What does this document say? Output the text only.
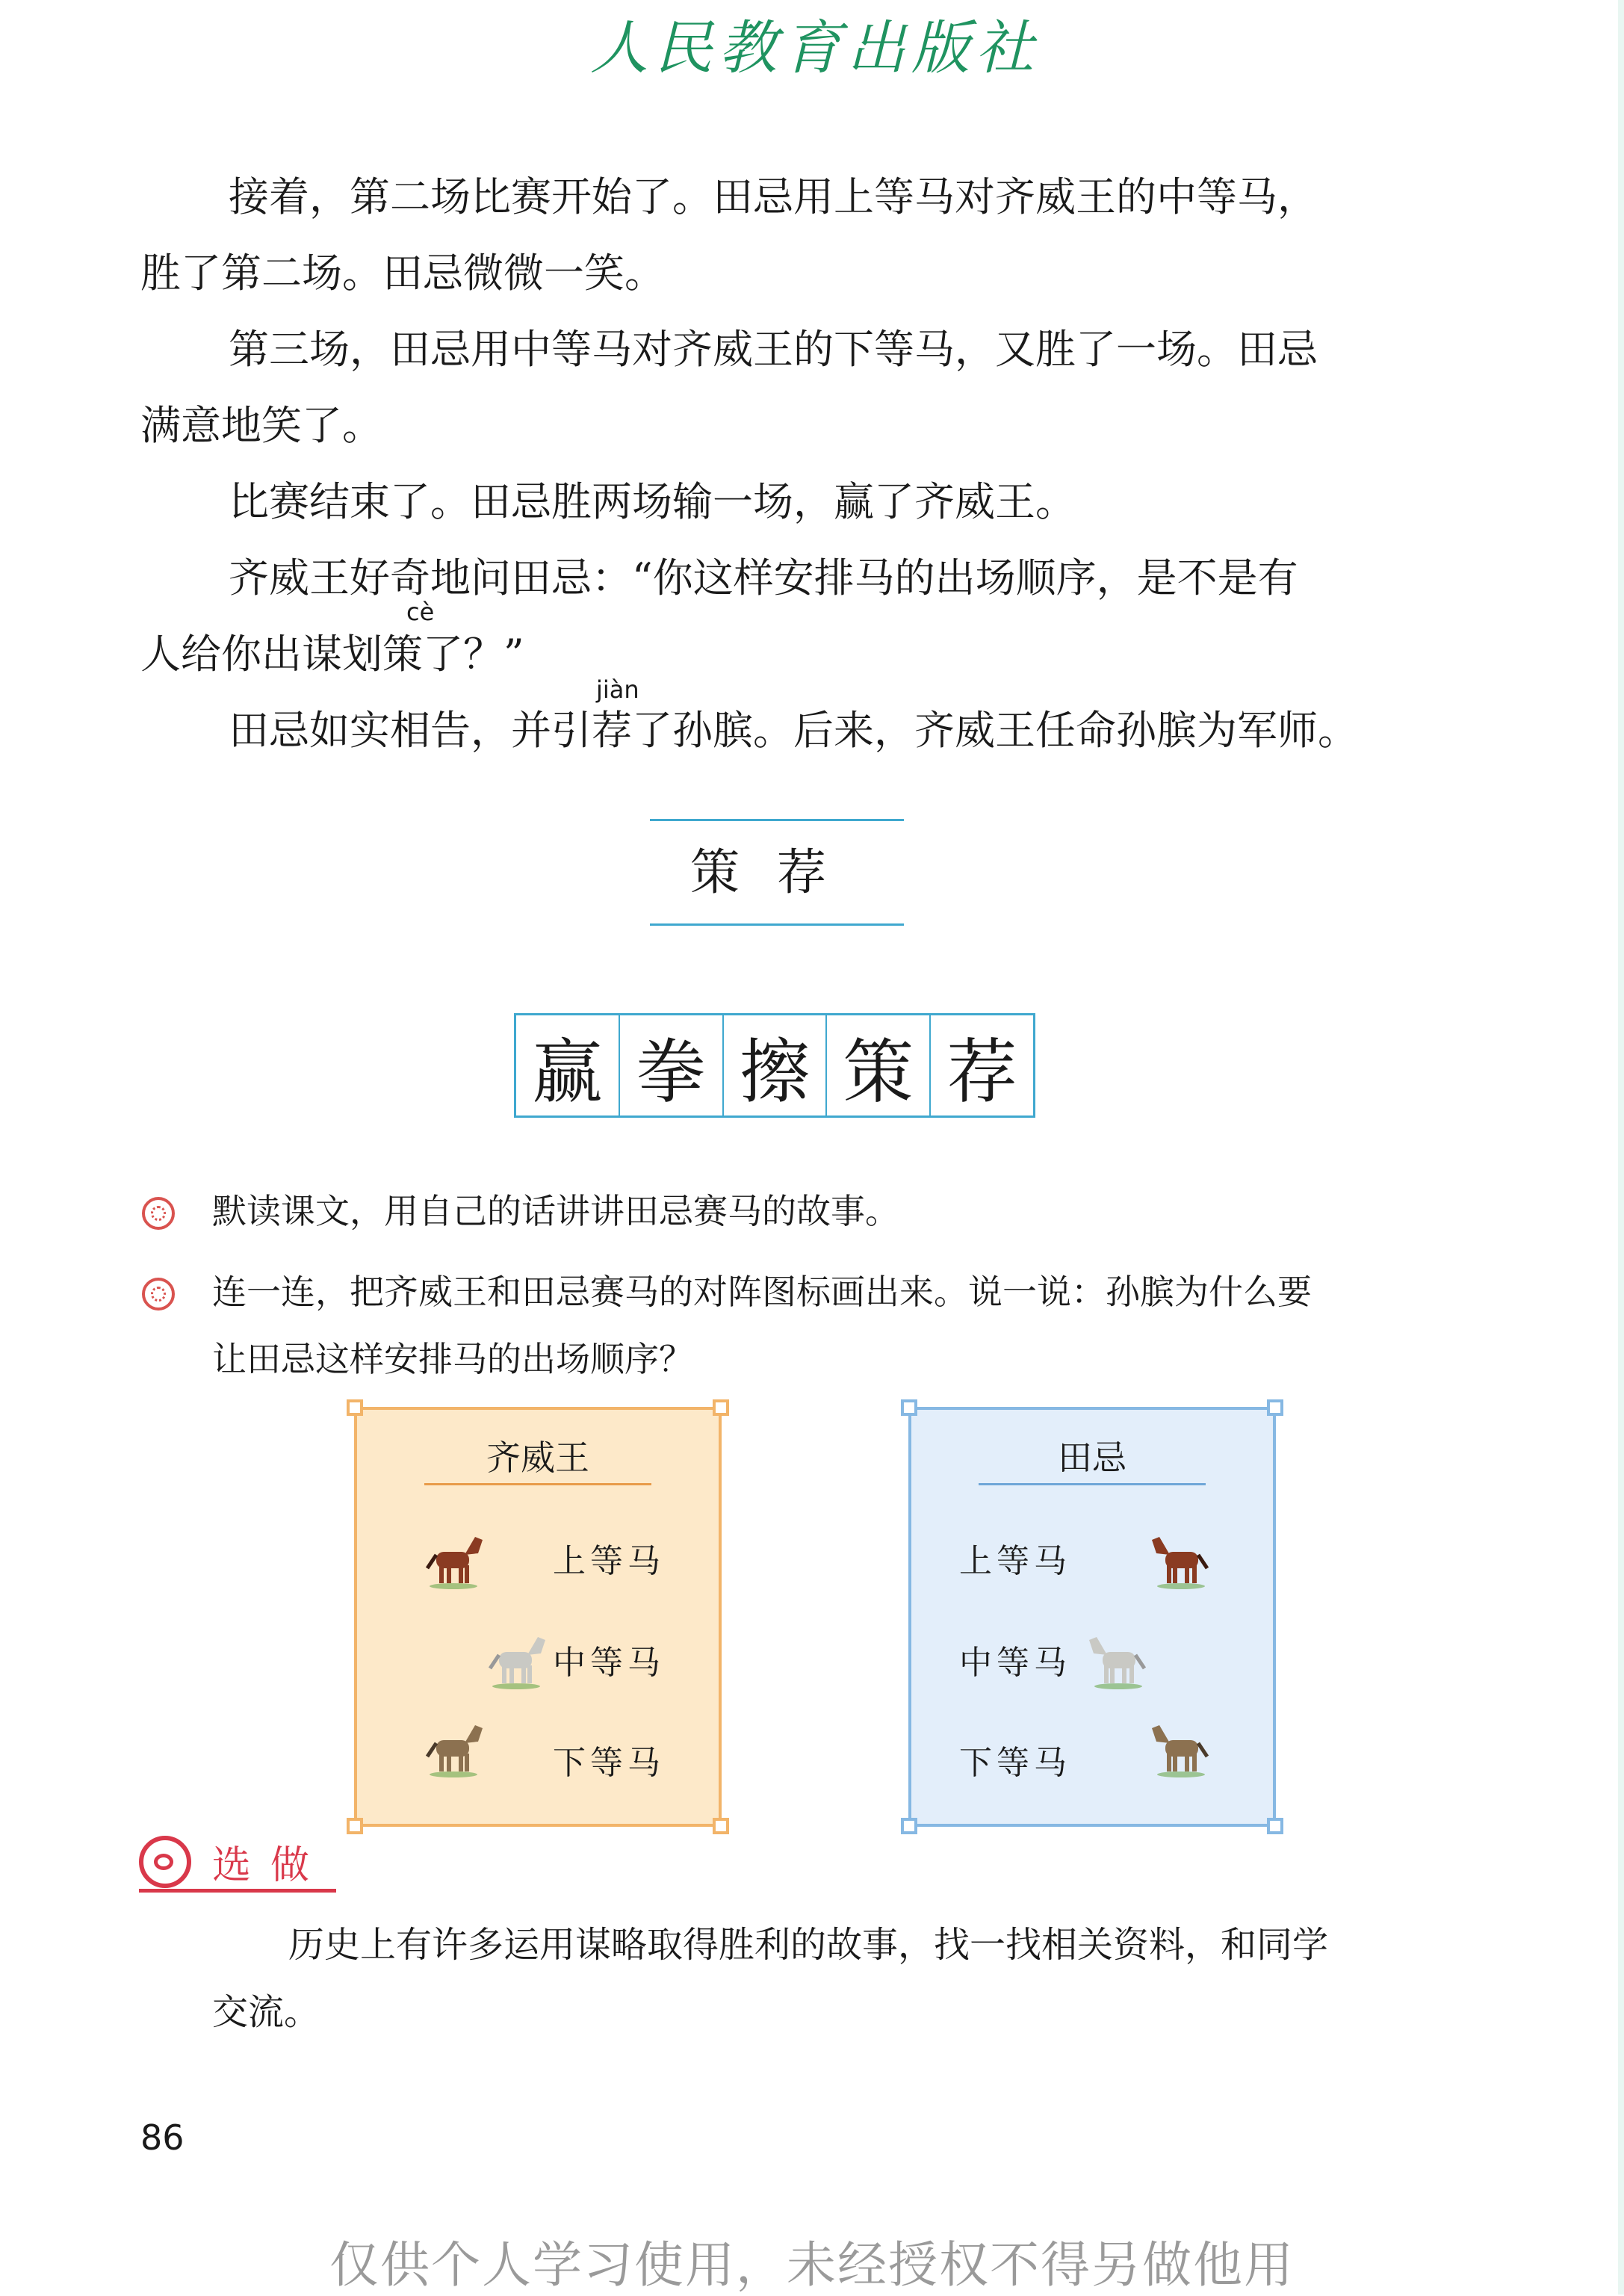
人民教育出版社
接着，第二场比赛开始了。田忌用上等马对齐威王的中等马，
胜了第二场。田忌微微一笑。
第三场，田忌用中等马对齐威王的下等马，又胜了一场。田忌
满意地笑了。
比赛结束了。田忌胜两场输一场，赢了齐威王。
齐威王好奇地问田忌：“你这样安排马的出场顺序，是不是有
cè
人给你出谋划策了？”
jiàn
田忌如实相告，并引荐了孙膑。后来，齐威王任命孙膑为军师。
策荐
赢 拳 擦 策 荐
默读课文，用自己的话讲讲田忌赛马的故事。
连一连，把齐威王和田忌赛马的对阵图标画出来。说一说：孙膑为什么要
让田忌这样安排马的出场顺序？
齐威王
上等马
中等马
下等马
田忌
上等马
中等马
下等马
选做
历史上有许多运用谋略取得胜利的故事，找一找相关资料，和同学
交流。
86
仅供个人学习使用，未经授权不得另做他用
